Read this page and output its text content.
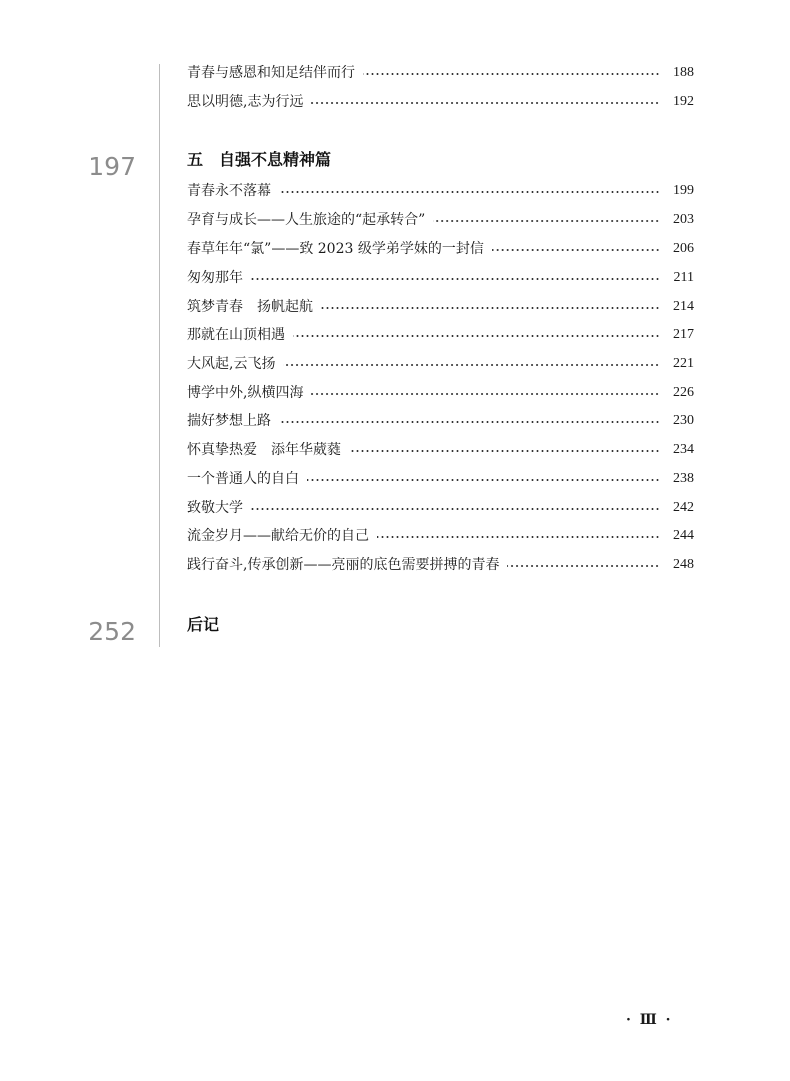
青春与感恩和知足结伴而行	188
思以明德,志为行远	192
197	五　自强不息精神篇
青春永不落幕	199
孕育与成长——人生旅途的“起承转合”	203
春草年年“氯”——致 2023 级学弟学妹的一封信	206
匆匆那年	211
筑梦青春　扬帆起航	214
那就在山顶相遇	217
大风起,云飞扬	221
博学中外,纵横四海	226
揣好梦想上路	230
怀真挚热爱　添年华葳蕤	234
一个普通人的自白	238
致敬大学	242
流金岁月——献给无价的自己	244
践行奋斗,传承创新——亮丽的底色需要拼搏的青春	248
252	后记
· Ⅲ ·
